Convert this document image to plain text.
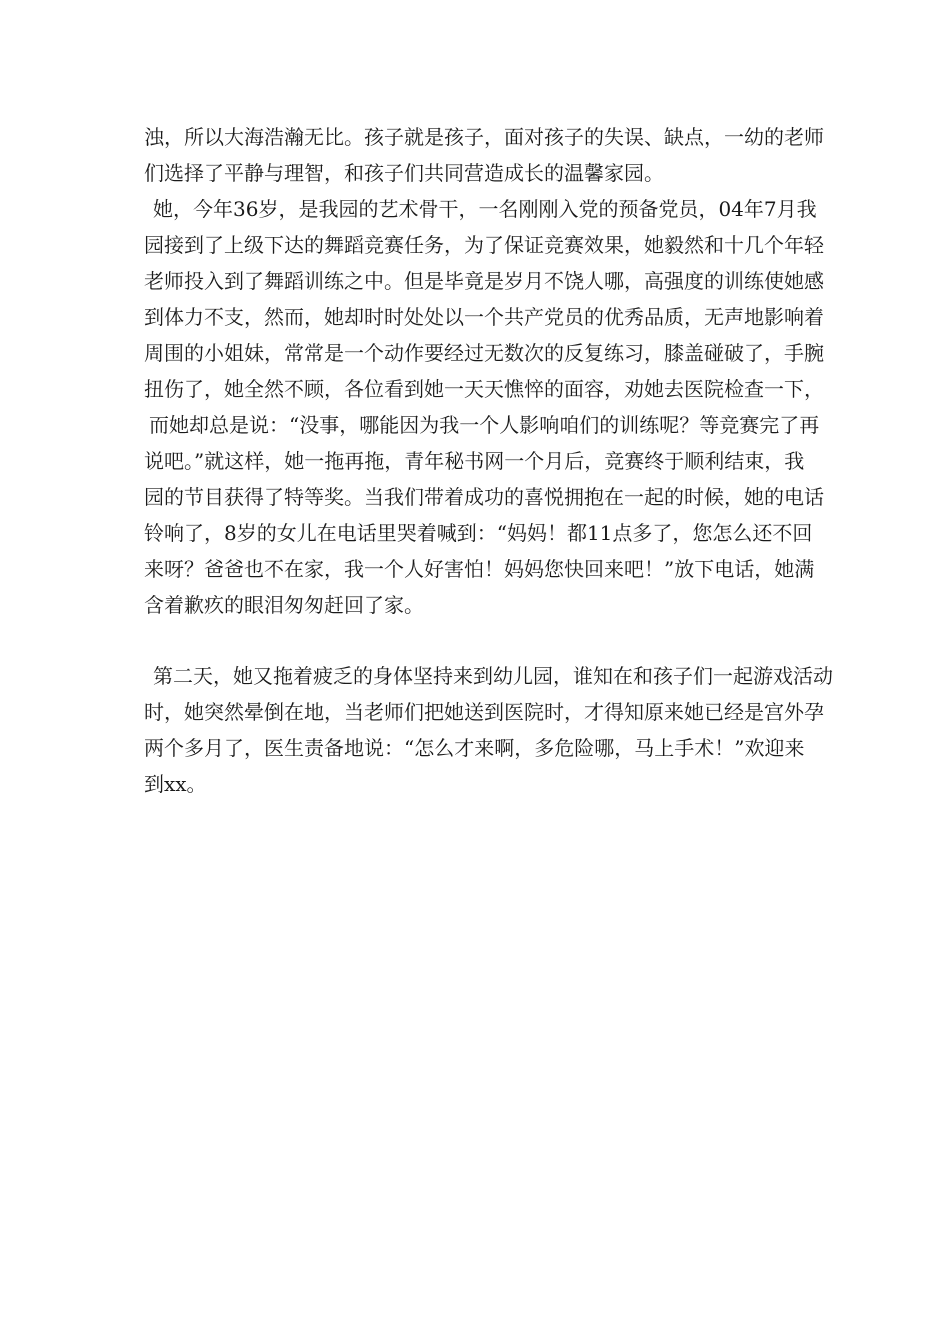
浊，所以大海浩瀚无比。孩子就是孩子，面对孩子的失误、缺点，一幼的老师
们选择了平静与理智，和孩子们共同营造成长的温馨家园。
她，今年36岁，是我园的艺术骨干，一名刚刚入党的预备党员，04年7月我
园接到了上级下达的舞蹈竞赛任务，为了保证竞赛效果，她毅然和十几个年轻
老师投入到了舞蹈训练之中。但是毕竟是岁月不饶人哪，高强度的训练使她感
到体力不支，然而，她却时时处处以一个共产党员的优秀品质，无声地影响着
周围的小姐妹，常常是一个动作要经过无数次的反复练习，膝盖碰破了，手腕
扭伤了，她全然不顾，各位看到她一天天憔悴的面容，劝她去医院检查一下，
而她却总是说：“没事，哪能因为我一个人影响咱们的训练呢？等竞赛完了再
说吧。”就这样，她一拖再拖，青年秘书网一个月后，竞赛终于顺利结束，我
园的节目获得了特等奖。当我们带着成功的喜悦拥抱在一起的时候，她的电话
铃响了，8岁的女儿在电话里哭着喊到：“妈妈！都11点多了，您怎么还不回
来呀？爸爸也不在家，我一个人好害怕！妈妈您快回来吧！”放下电话，她满
含着歉疚的眼泪匆匆赶回了家。
第二天，她又拖着疲乏的身体坚持来到幼儿园，谁知在和孩子们一起游戏活动
时，她突然晕倒在地，当老师们把她送到医院时，才得知原来她已经是宫外孕
两个多月了，医生责备地说：“怎么才来啊，多危险哪，马上手术！”欢迎来
到xx。
